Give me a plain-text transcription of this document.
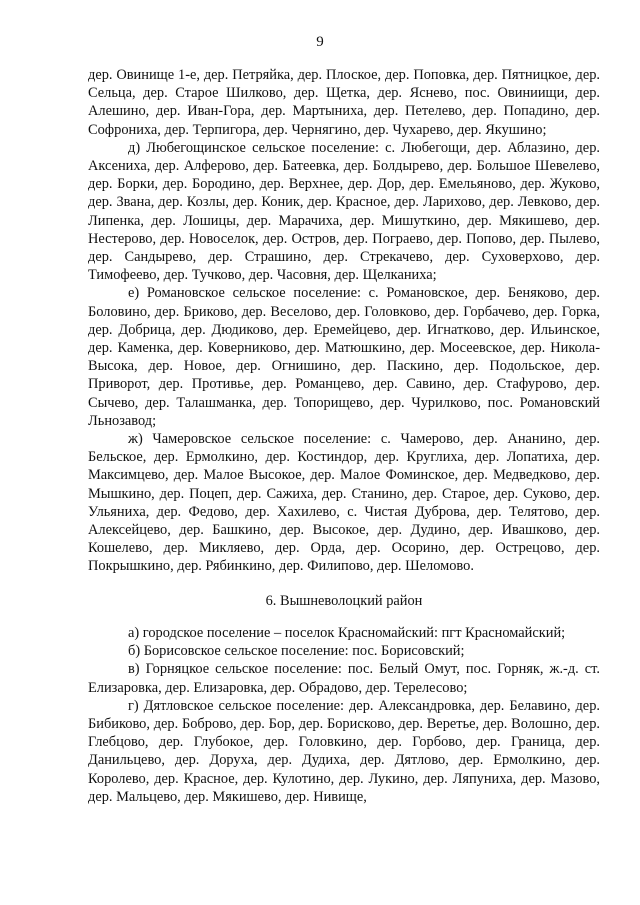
9

дер. Овинище 1-е, дер. Петряйка, дер. Плоское, дер. Поповка, дер. Пятницкое, дер. Сельца, дер. Старое Шилково, дер. Щетка, дер. Яснево, пос. Овиниищи, дер. Алешино, дер. Иван-Гора, дер. Мартыниха, дер. Петелево, дер. Попадино, дер. Софрониха, дер. Терпигора, дер. Чернягино, дер. Чухарево, дер. Якушино;

д) Любегощинское сельское поселение: с. Любегощи, дер. Аблазино, дер. Аксениха, дер. Алферово, дер. Батеевка, дер. Болдырево, дер. Большое Шевелево, дер. Борки, дер. Бородино, дер. Верхнее, дер. Дор, дер. Емельяново, дер. Жуково, дер. Звана, дер. Козлы, дер. Коник, дер. Красное, дер. Ларихово, дер. Левково, дер. Липенка, дер. Лошицы, дер. Марачиха, дер. Мишуткино, дер. Мякишево, дер. Нестерово, дер. Новоселок, дер. Остров, дер. Пограево, дер. Попово, дер. Пылево, дер. Сандырево, дер. Страшино, дер. Стрекачево, дер. Суховерхово, дер. Тимофеево, дер. Тучково, дер. Часовня, дер. Щелканиха;

е) Романовское сельское поселение: с. Романовское, дер. Беняково, дер. Боловино, дер. Бриково, дер. Веселово, дер. Головково, дер. Горбачево, дер. Горка, дер. Добрица, дер. Дюдиково, дер. Еремейцево, дер. Игнатково, дер. Ильинское, дер. Каменка, дер. Коверниково, дер. Матюшкино, дер. Мосеевское, дер. Никола-Высока, дер. Новое, дер. Огнишино, дер. Паскино, дер. Подольское, дер. Приворот, дер. Противье, дер. Романцево, дер. Савино, дер. Стафурово, дер. Сычево, дер. Талашманка, дер. Топорищево, дер. Чурилково, пос. Романовский Льнозавод;

ж) Чамеровское сельское поселение: с. Чамерово, дер. Ананино, дер. Бельское, дер. Ермолкино, дер. Костиндор, дер. Круглиха, дер. Лопатиха, дер. Максимцево, дер. Малое Высокое, дер. Малое Фоминское, дер. Медведково, дер. Мышкино, дер. Поцеп, дер. Сажиха, дер. Станино, дер. Старое, дер. Суково, дер. Ульяниха, дер. Федово, дер. Хахилево, с. Чистая Дуброва, дер. Телятово, дер. Алексейцево, дер. Башкино, дер. Высокое, дер. Дудино, дер. Ивашково, дер. Кошелево, дер. Микляево, дер. Орда, дер. Осорино, дер. Острецово, дер. Покрышкино, дер. Рябинкино, дер. Филипово, дер. Шеломово.

6. Вышневолоцкий район

а) городское поселение – поселок Красномайский: пгт Красномайский;

б) Борисовское сельское поселение: пос. Борисовский;

в) Горняцкое сельское поселение: пос. Белый Омут, пос. Горняк, ж.-д. ст. Елизаровка, дер. Елизаровка, дер. Обрадово, дер. Терелесово;

г) Дятловское сельское поселение: дер. Александровка, дер. Белавино, дер. Бибиково, дер. Боброво, дер. Бор, дер. Борисково, дер. Веретье, дер. Волошно, дер. Глебцово, дер. Глубокое, дер. Головкино, дер. Горбово, дер. Граница, дер. Данильцево, дер. Доруха, дер. Дудиха, дер. Дятлово, дер. Ермолкино, дер. Королево, дер. Красное, дер. Кулотино, дер. Лукино, дер. Ляпуниха, дер. Мазово, дер. Мальцево, дер. Мякишево, дер. Нивище,
